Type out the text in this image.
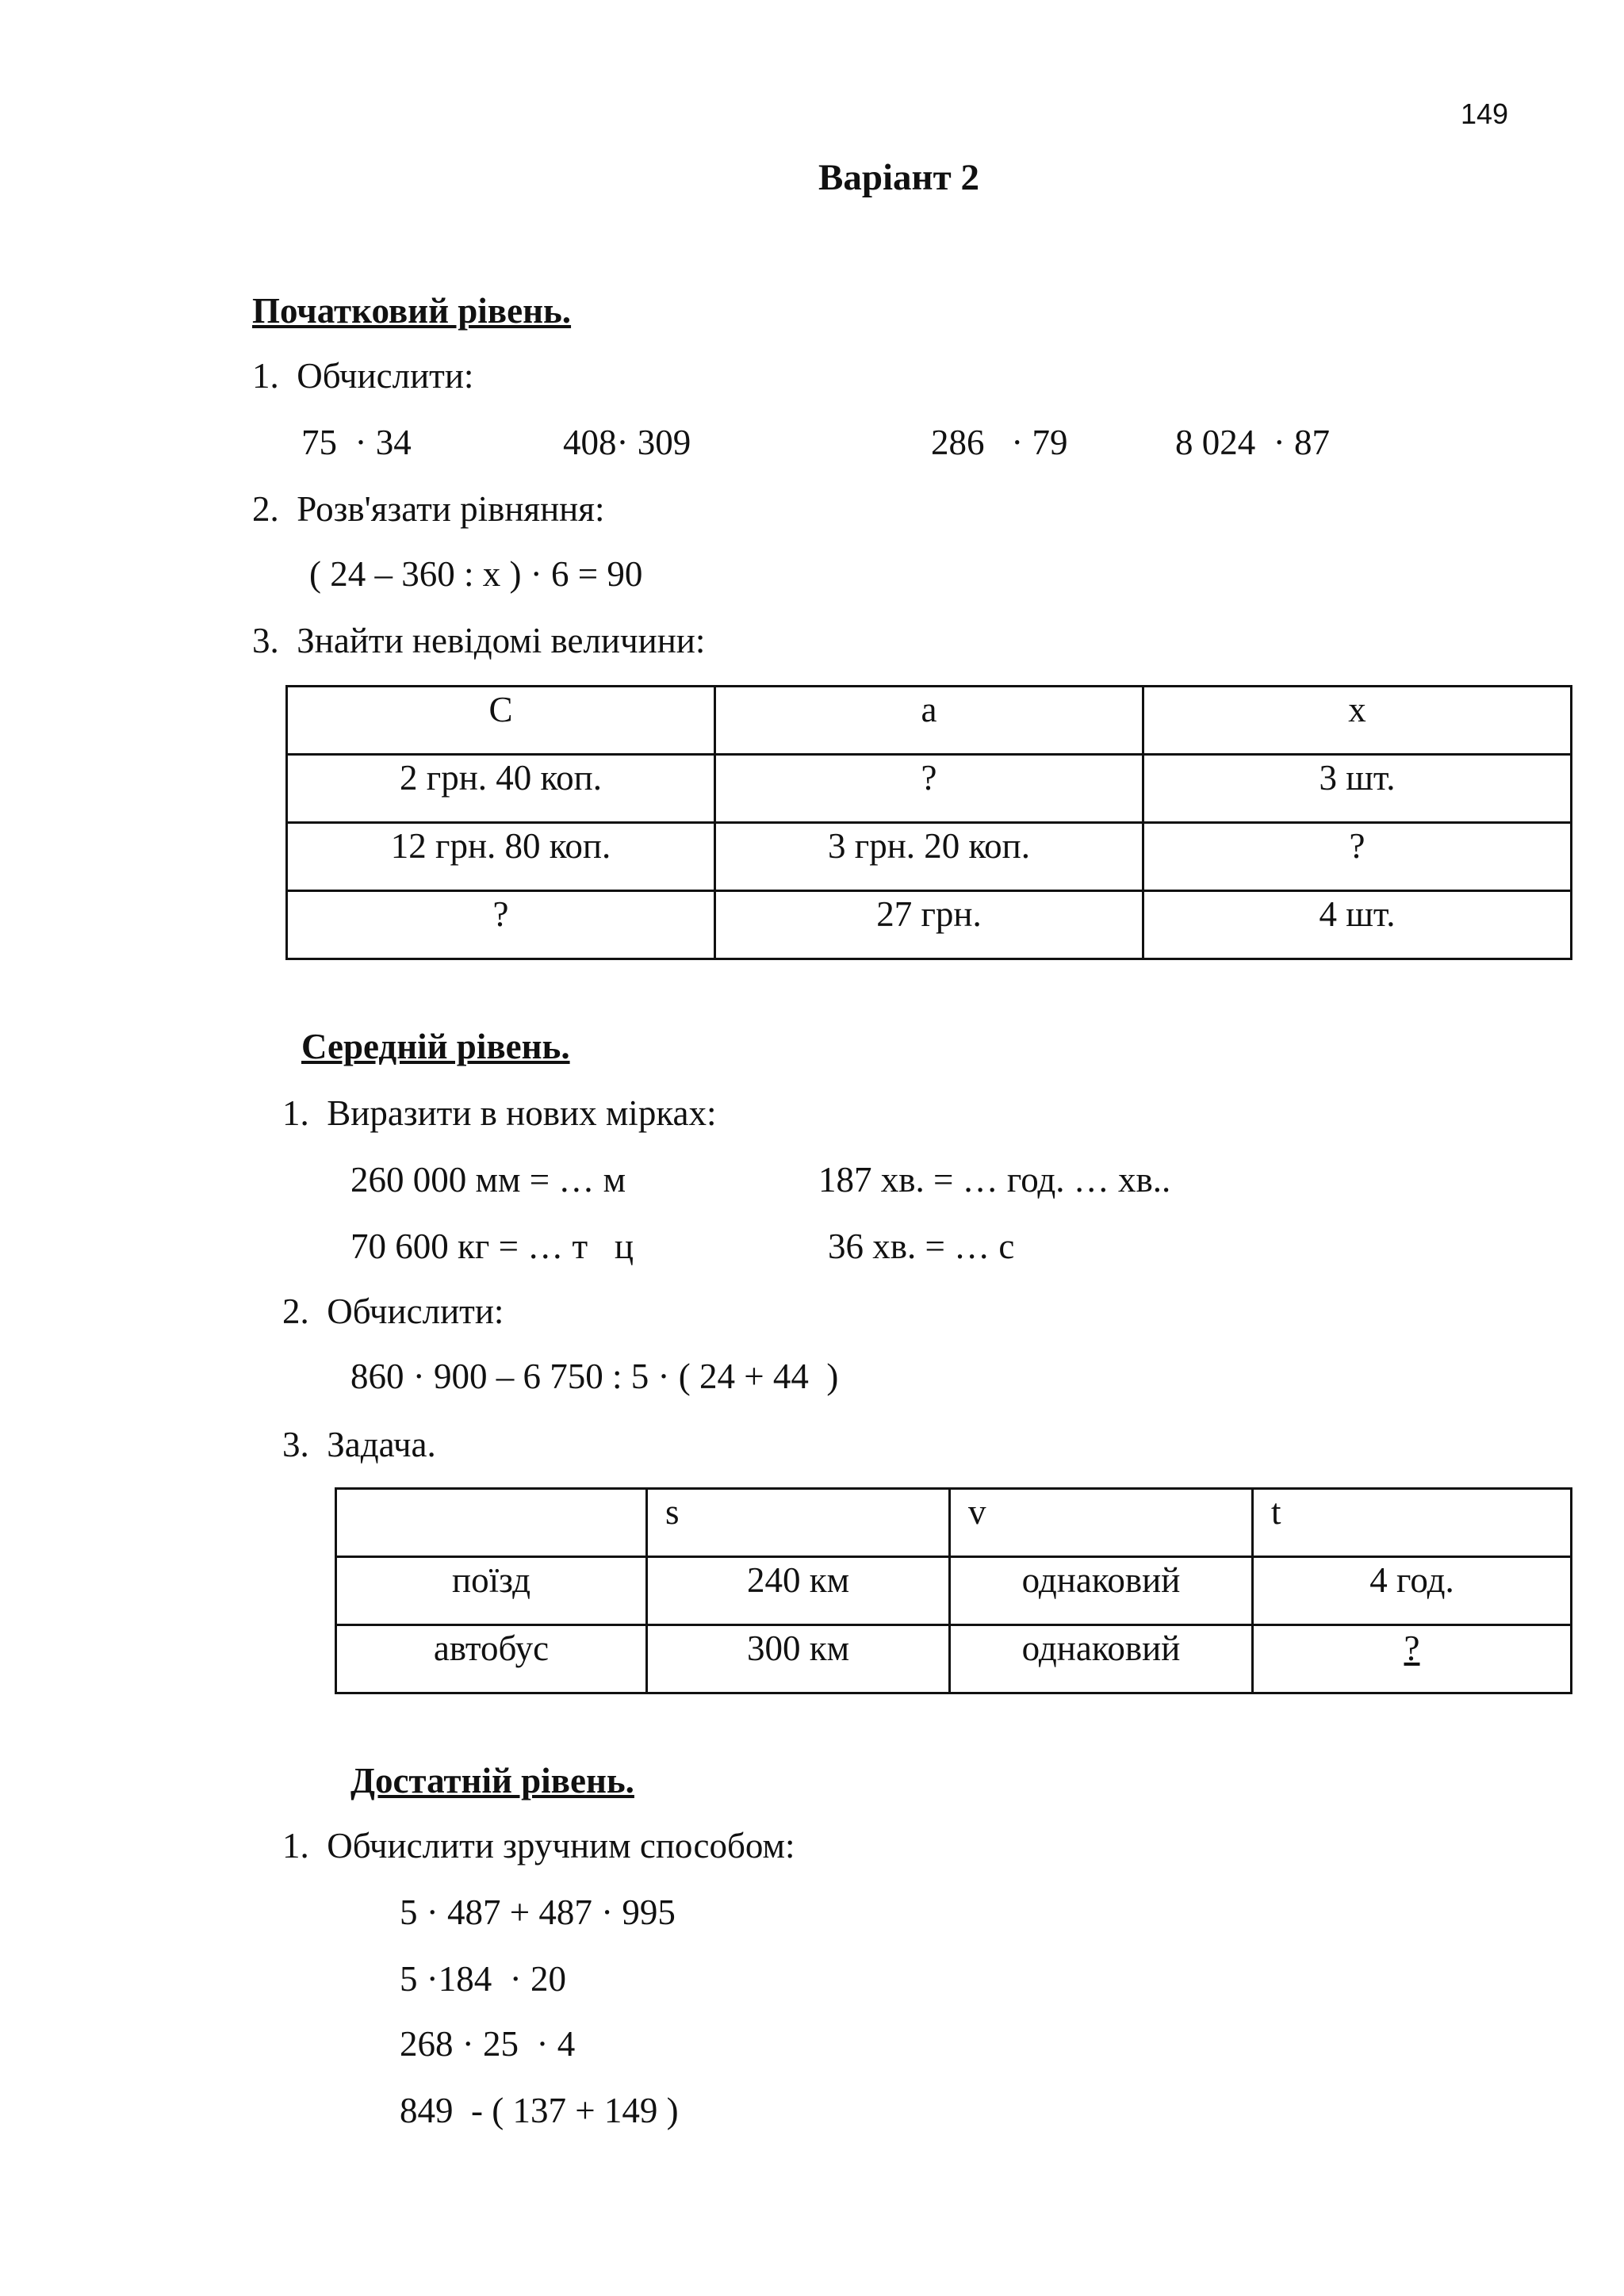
149
Варіант 2
Початковий рівень.
1.  Обчислити:
75  · 34	408· 309	286   · 79	8 024  · 87
2.  Розв'язати рівняння:
( 24 – 360 : х ) · 6 = 90
3.  Знайти невідомі величини:
С	а	х
2 грн. 40 коп.	?	3 шт.
12 грн. 80 коп.	3 грн. 20 коп.	?
?	27 грн.	4 шт.
Середній рівень.
1.  Виразити в нових мірках:
260 000 мм = … м	187 хв. = … год. … хв..
70 600 кг = … т   ц	36 хв. = … с
2.  Обчислити:
860 · 900 – 6 750 : 5 · ( 24 + 44  )
3.  Задача.
	s	v	t
поїзд	240 км	однаковий	4 год.
автобус	300 км	однаковий	?
Достатній рівень.
1.  Обчислити зручним способом:
5 · 487 + 487 · 995
5 ·184  · 20
268 · 25  · 4
849  - ( 137 + 149 )
